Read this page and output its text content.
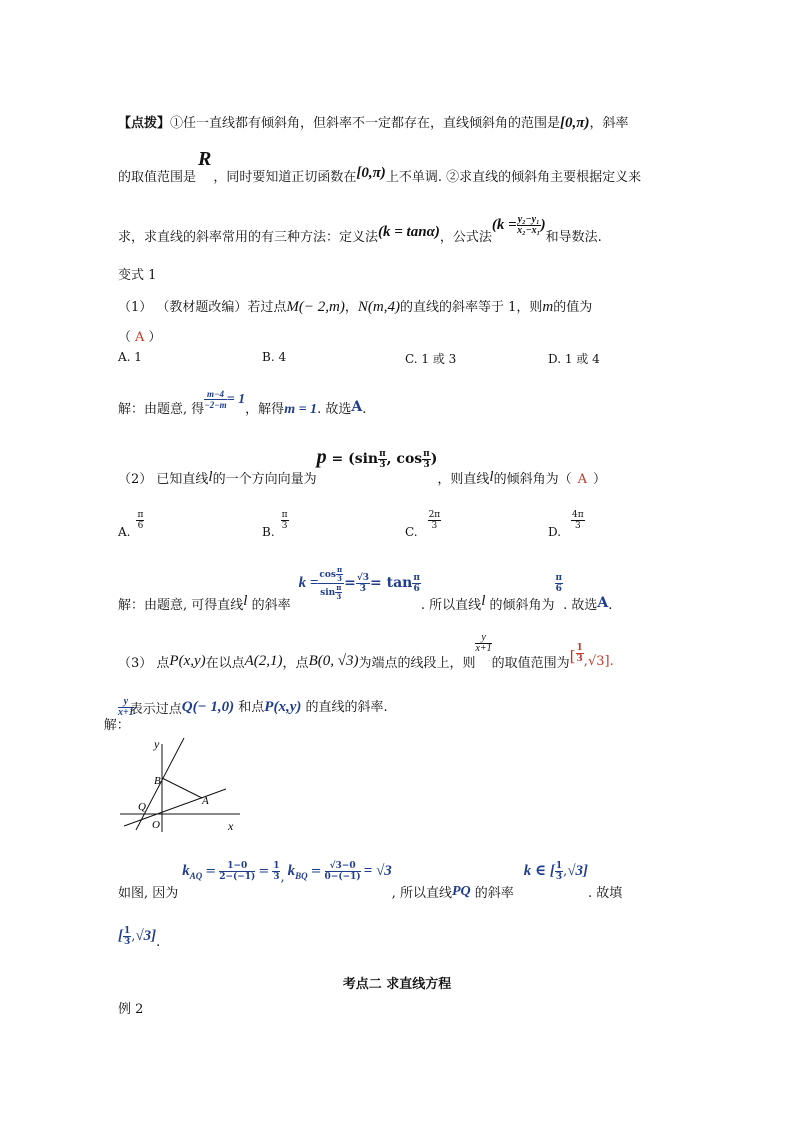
【点拨】①任一直线都有倾斜角，但斜率不一定都存在，直线倾斜角的范围是[0,π)，斜率
的取值范围是R，同时要知道正切函数在[0,π)上不单调. ②求直线的倾斜角主要根据定义来
求，求直线的斜率常用的有三种方法：定义法(k = tanα)，公式法($k = \frac{\text{y₂−y₁}}{\text{x₂−x₁}}$ )和导数法.
变式 1
（1） （教材题改编）若过点M(− 2,m)，N(m,4)的直线的斜率等于 1，则m的值为
（ A ）
A. 1	B. 4	C. 1 或 3	D. 1 或 4
解：由题意, 得 $\frac{m-4}{-2-m} = 1$，解得m = 1. 故选A.
（2） 已知直线l的一个方向向量为$p = (\sin \frac{\pi}{3}$ , $\cos \frac{\pi}{3}$ )，则直线l的倾斜角为（ A ）
A.
$\frac{\pi}{6}$
B.
$\frac{\pi}{3}$
C.
$\frac{2\pi}{3}$
D.
$\frac{4\pi}{3}$
解：由题意, 可得直线l 的斜率$k = \frac{\cos \frac{\pi}{3}}{\sin \frac{\pi}{3}} = \frac{√3}{3} = \tan \frac{\pi}{6}$
. 所以直线l 的倾斜角为
$\frac{\pi}{6}$
. 故选A.
（3） 点P(x,y)在以点A(2,1)，点B(0, √3)为端点的线段上，则
$\frac{y}{x+1}$
的取值范围为[ $\frac{1}{3} ,√3$].
$\frac{y}{x+1}$
解：表示过点Q(− 1,0) 和点P(x,y) 的直线的斜率.
y
x
B
A
Q
O
如图, 因为$k_{AQ} = \frac{1-0}{2-(-1)} = \frac{1}{3}$ , $k_{BQ} = \frac{√3-0}{0-(-1)} = √3$, 所以直线PQ 的斜率k ∈ [ $\frac{1}{3} ,√3$]. 故填
[ $\frac{1}{3} ,√3$].
考点二 求直线方程
例 2
